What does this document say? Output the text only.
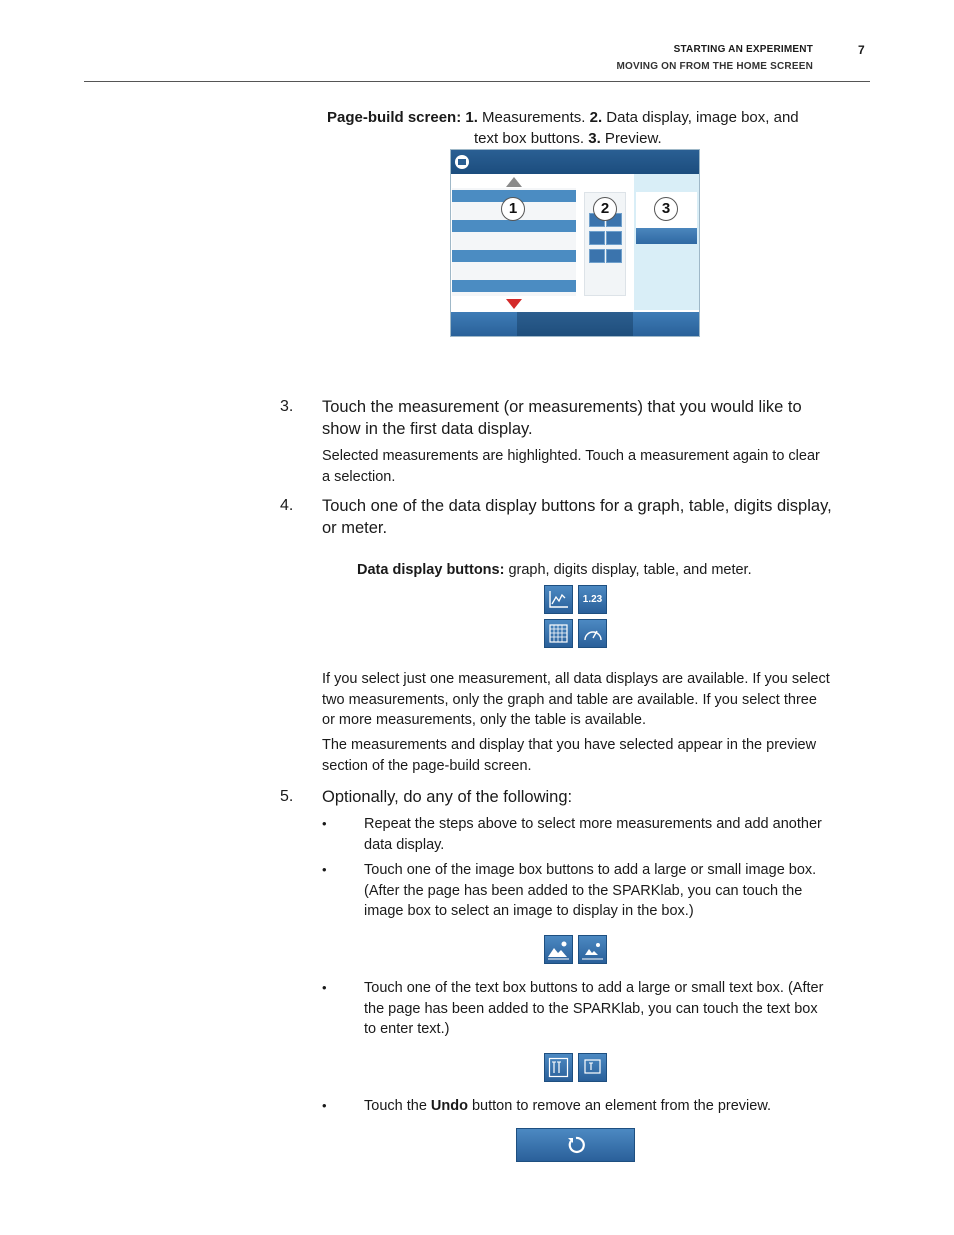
STARTING AN EXPERIMENT	7
MOVING ON FROM THE HOME SCREEN
Page-build screen: 1. Measurements. 2. Data display, image box, and
text box buttons. 3. Preview.
1	2	3
3. Touch the measurement (or measurements) that you would like to
show in the first data display.
Selected measurements are highlighted. Touch a measurement again to clear
a selection.
4. Touch one of the data display buttons for a graph, table, digits display,
or meter.
Data display buttons: graph, digits display, table, and meter.
1.23
If you select just one measurement, all data displays are available. If you select
two measurements, only the graph and table are available. If you select three
or more measurements, only the table is available.
The measurements and display that you have selected appear in the preview
section of the page-build screen.
5. Optionally, do any of the following:
•	Repeat the steps above to select more measurements and add another
data display.
•	Touch one of the image box buttons to add a large or small image box.
(After the page has been added to the SPARKlab, you can touch the
image box to select an image to display in the box.)
•	Touch one of the text box buttons to add a large or small text box. (After
the page has been added to the SPARKlab, you can touch the text box
to enter text.)
•	Touch the Undo button to remove an element from the preview.
